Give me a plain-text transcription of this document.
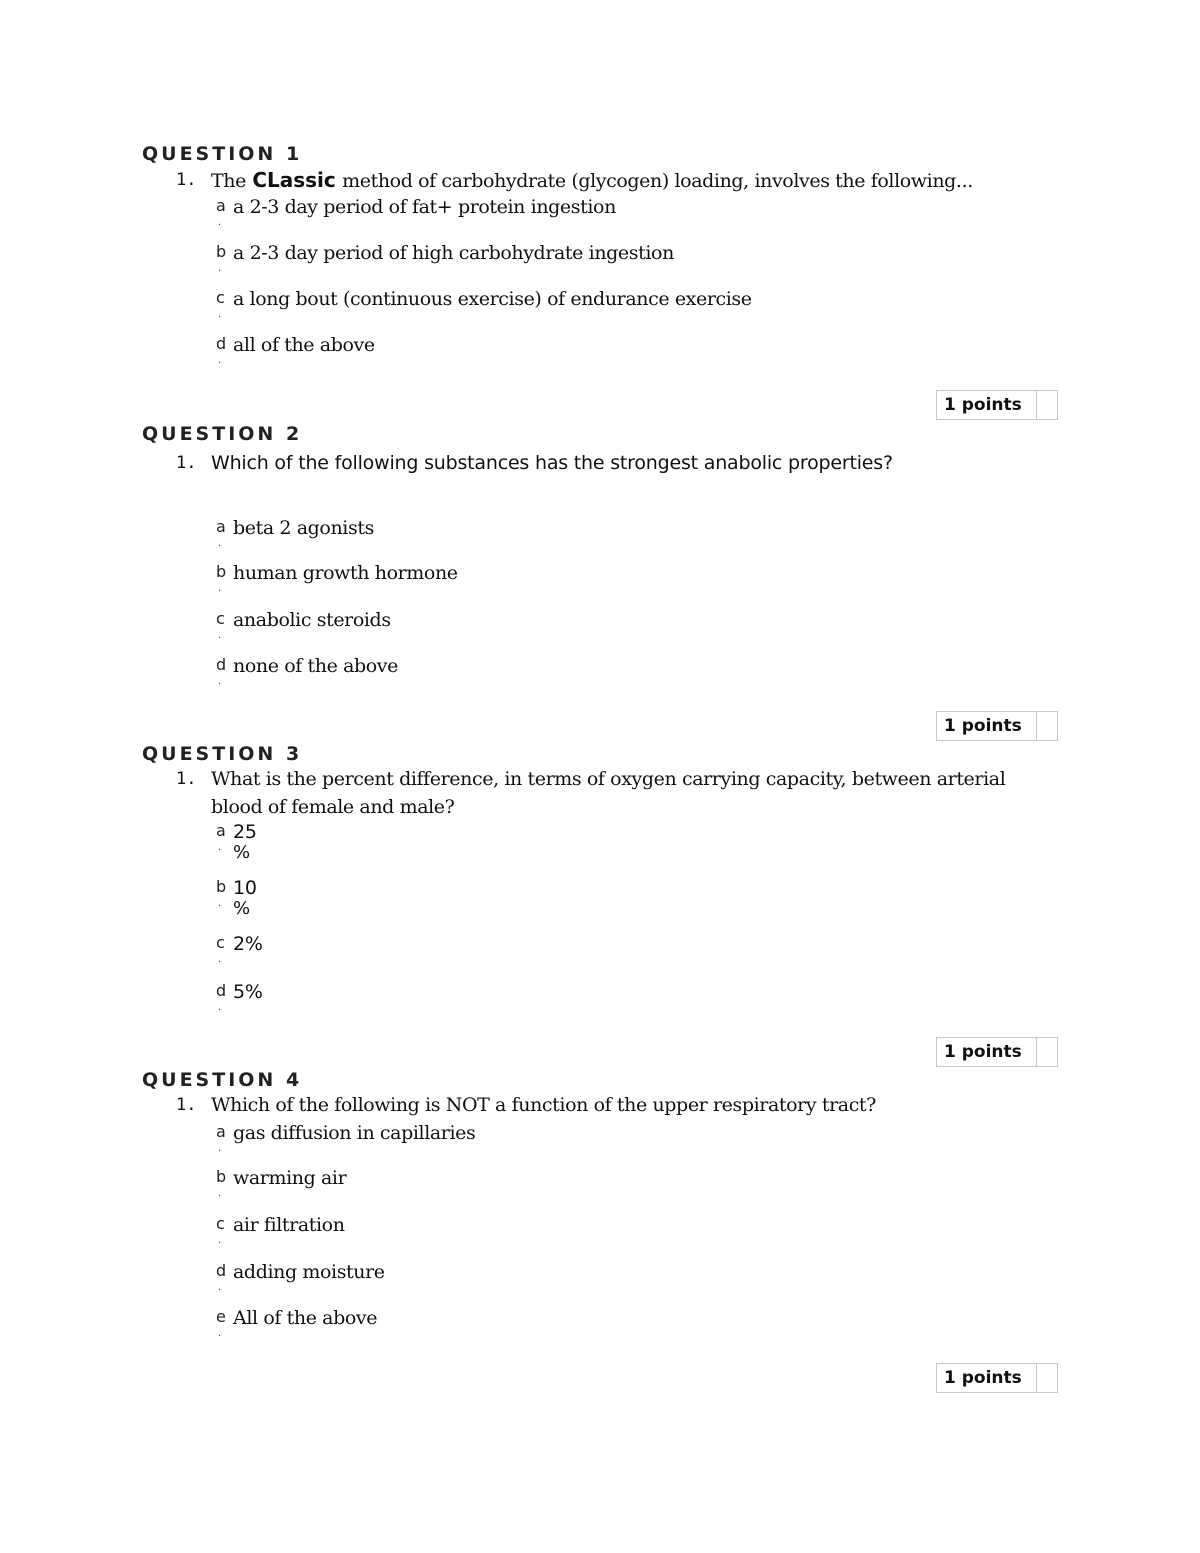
QUESTION 1
1. The CLassic method of carbohydrate (glycogen) loading, involves the following...
a
.
a 2-3 day period of fat+ protein ingestion
b
.
a 2-3 day period of high carbohydrate ingestion
c
.
a long bout (continuous exercise) of endurance exercise
d
.
all of the above
1 points
QUESTION 2
1. Which of the following substances has the strongest anabolic properties?
a
.
beta 2 agonists
b
.
human growth hormone
c
.
anabolic steroids
d
.
none of the above
1 points
QUESTION 3
1. What is the percent difference, in terms of oxygen carrying capacity, between arterial
blood of female and male?
a
.
25
%
b
.
10
%
c
.
2%
d
.
5%
1 points
QUESTION 4
1. Which of the following is NOT a function of the upper respiratory tract?
a
.
gas diffusion in capillaries
b
.
warming air
c
.
air filtration
d
.
adding moisture
e
.
All of the above
1 points
